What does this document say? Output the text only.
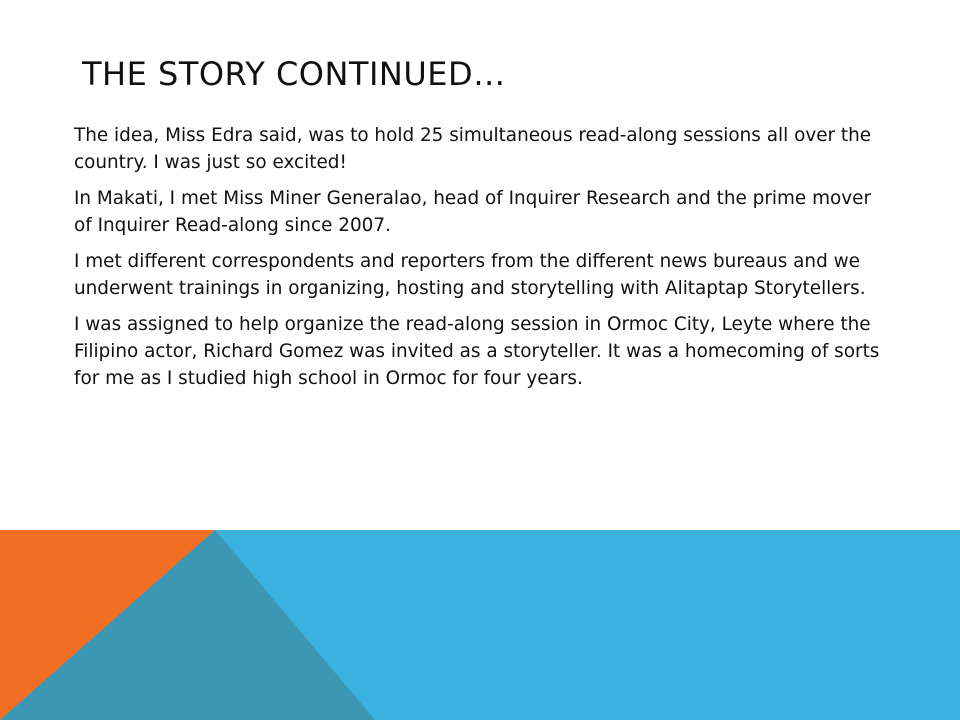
THE STORY CONTINUED…

The idea, Miss Edra said, was to hold 25 simultaneous read-along sessions all over the country. I was just so excited!

In Makati, I met Miss Miner Generalao, head of Inquirer Research and the prime mover of Inquirer Read-along since 2007.

I met different correspondents and reporters from the different news bureaus and we underwent trainings in organizing, hosting and storytelling with Alitaptap Storytellers.

I was assigned to help organize the read-along session in Ormoc City, Leyte where the Filipino actor, Richard Gomez was invited as a storyteller. It was a homecoming of sorts for me as I studied high school in Ormoc for four years.
